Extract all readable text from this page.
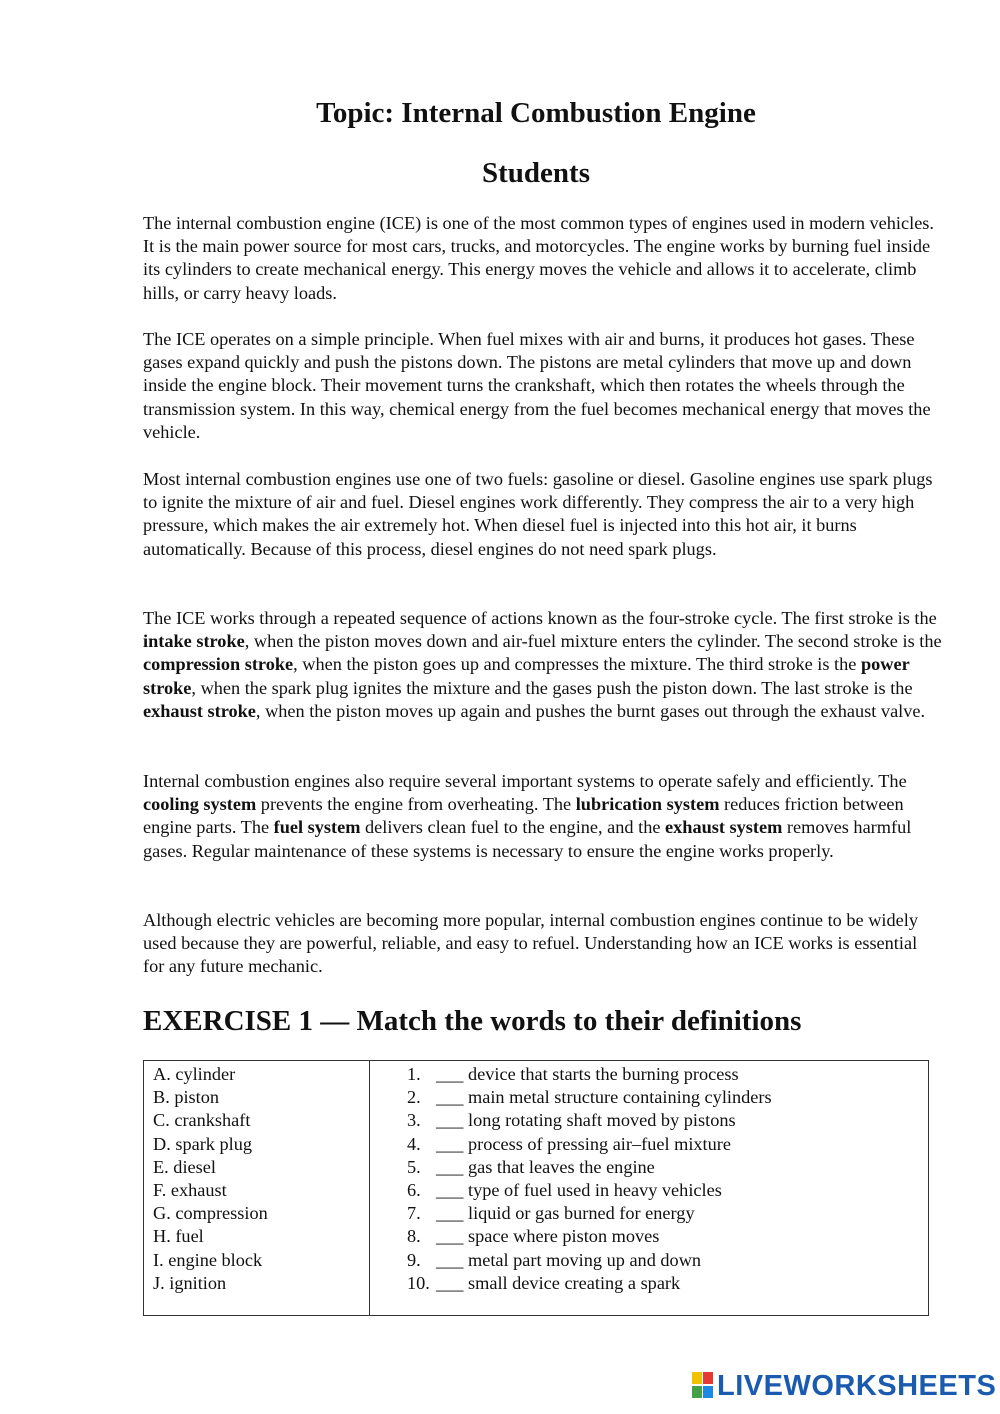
Topic: Internal Combustion Engine
Students

The internal combustion engine (ICE) is one of the most common types of engines used in modern vehicles. It is the main power source for most cars, trucks, and motorcycles. The engine works by burning fuel inside its cylinders to create mechanical energy. This energy moves the vehicle and allows it to accelerate, climb hills, or carry heavy loads.

The ICE operates on a simple principle. When fuel mixes with air and burns, it produces hot gases. These gases expand quickly and push the pistons down. The pistons are metal cylinders that move up and down inside the engine block. Their movement turns the crankshaft, which then rotates the wheels through the transmission system. In this way, chemical energy from the fuel becomes mechanical energy that moves the vehicle.

Most internal combustion engines use one of two fuels: gasoline or diesel. Gasoline engines use spark plugs to ignite the mixture of air and fuel. Diesel engines work differently. They compress the air to a very high pressure, which makes the air extremely hot. When diesel fuel is injected into this hot air, it burns automatically. Because of this process, diesel engines do not need spark plugs.

The ICE works through a repeated sequence of actions known as the four-stroke cycle. The first stroke is the intake stroke, when the piston moves down and air-fuel mixture enters the cylinder. The second stroke is the compression stroke, when the piston goes up and compresses the mixture. The third stroke is the power stroke, when the spark plug ignites the mixture and the gases push the piston down. The last stroke is the exhaust stroke, when the piston moves up again and pushes the burnt gases out through the exhaust valve.

Internal combustion engines also require several important systems to operate safely and efficiently. The cooling system prevents the engine from overheating. The lubrication system reduces friction between engine parts. The fuel system delivers clean fuel to the engine, and the exhaust system removes harmful gases. Regular maintenance of these systems is necessary to ensure the engine works properly.

Although electric vehicles are becoming more popular, internal combustion engines continue to be widely used because they are powerful, reliable, and easy to refuel. Understanding how an ICE works is essential for any future mechanic.

EXERCISE 1 — Match the words to their definitions
A. cylinder
B. piston
C. crankshaft
D. spark plug
E. diesel
F. exhaust
G. compression
H. fuel
I. engine block
J. ignition
1. ___ device that starts the burning process
2. ___ main metal structure containing cylinders
3. ___ long rotating shaft moved by pistons
4. ___ process of pressing air–fuel mixture
5. ___ gas that leaves the engine
6. ___ type of fuel used in heavy vehicles
7. ___ liquid or gas burned for energy
8. ___ space where piston moves
9. ___ metal part moving up and down
10. ___ small device creating a spark
LIVEWORKSHEETS
